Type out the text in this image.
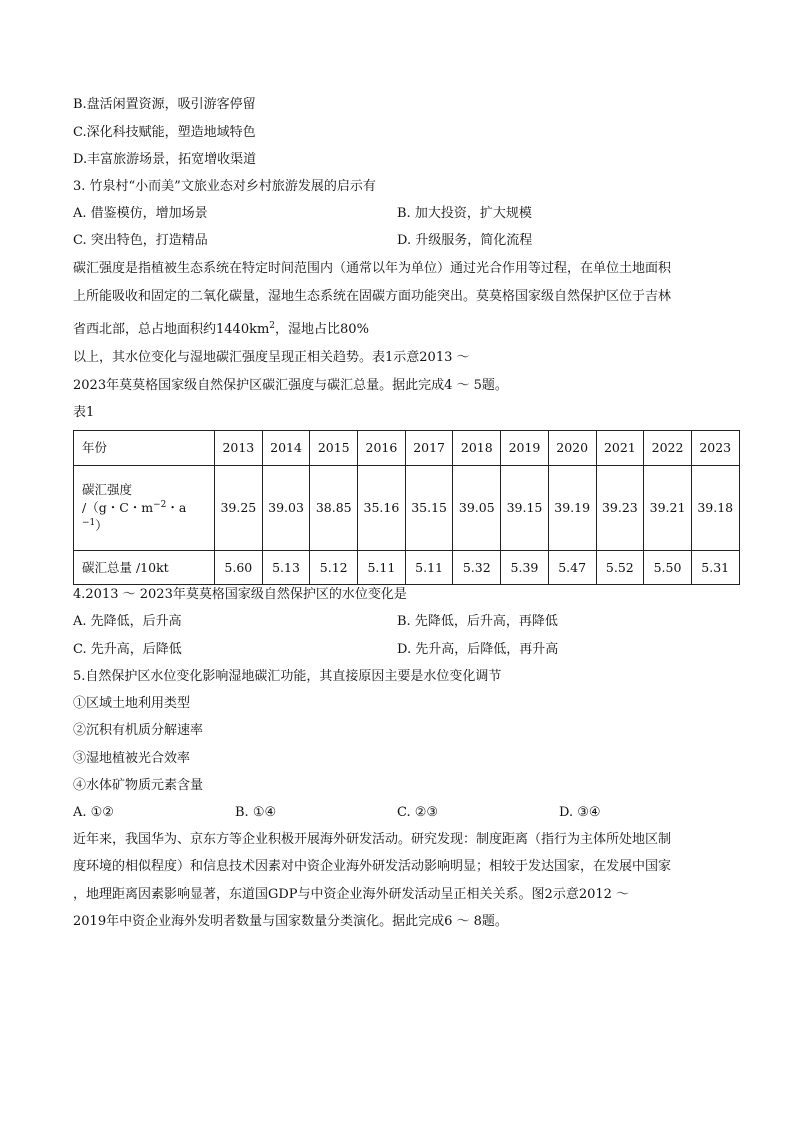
B.盘活闲置资源，吸引游客停留
C.深化科技赋能，塑造地域特色
D.丰富旅游场景，拓宽增收渠道
3. 竹泉村“小而美”文旅业态对乡村旅游发展的启示有
A. 借鉴模仿，增加场景	B. 加大投资，扩大规模
C. 突出特色，打造精品	D. 升级服务，简化流程
碳汇强度是指植被生态系统在特定时间范围内（通常以年为单位）通过光合作用等过程，在单位土地面积
上所能吸收和固定的二氧化碳量，湿地生态系统在固碳方面功能突出。莫莫格国家级自然保护区位于吉林
省西北部，总占地面积约$1440km^2$，湿地占比80%
以上，其水位变化与湿地碳汇强度呈现正相关趋势。表1示意2013 ～
2023年莫莫格国家级自然保护区碳汇强度与碳汇总量。据此完成4 ～ 5题。
表1
年份	2013	2014	2015	2016	2017	2018	2019	2020	2021	2022	2023

碳汇强度
/（g・C・$m^{-2}$・a
$^{-1}$）	39.25	39.03	38.85	35.16	35.15	39.05	39.15	39.19	39.23	39.21	39.18
碳汇总量 /10kt	5.60	5.13	5.12	5.11	5.11	5.32	5.39	5.47	5.52	5.50	5.31
4.2013 ～ 2023年莫莫格国家级自然保护区的水位变化是
A. 先降低，后升高	B. 先降低，后升高，再降低
C. 先升高，后降低	D. 先升高，后降低，再升高
5.自然保护区水位变化影响湿地碳汇功能，其直接原因主要是水位变化调节
①区域土地利用类型
②沉积有机质分解速率
③湿地植被光合效率
④水体矿物质元素含量
A. ①②	B. ①④	C. ②③	D. ③④
近年来，我国华为、京东方等企业积极开展海外研发活动。研究发现：制度距离（指行为主体所处地区制
度环境的相似程度）和信息技术因素对中资企业海外研发活动影响明显；相较于发达国家，在发展中国家
，地理距离因素影响显著，东道国GDP与中资企业海外研发活动呈正相关关系。图2示意2012 ～
2019年中资企业海外发明者数量与国家数量分类演化。据此完成6 ～ 8题。
